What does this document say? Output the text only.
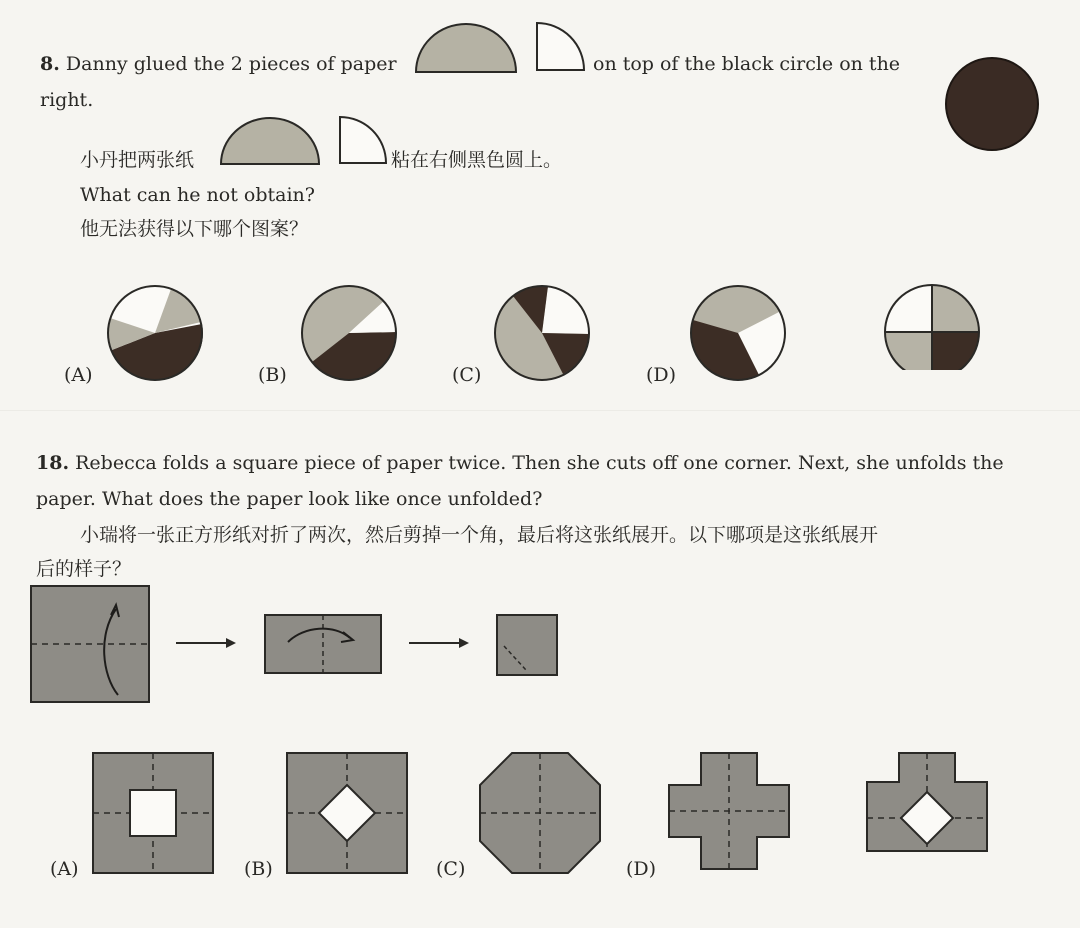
8. Danny glued the 2 pieces of paper	on top of the black circle on the
right.
小丹把两张纸	粘在右侧黑色圆上。
What can he not obtain?
他无法获得以下哪个图案？
(A)	(B)	(C)	(D)
18. Rebecca folds a square piece of paper twice. Then she cuts off one corner. Next, she unfolds the
paper. What does the paper look like once unfolded?
小瑞将一张正方形纸对折了两次，然后剪掉一个角，最后将这张纸展开。以下哪项是这张纸展开
后的样子？
(A)	(B)	(C)	(D)
